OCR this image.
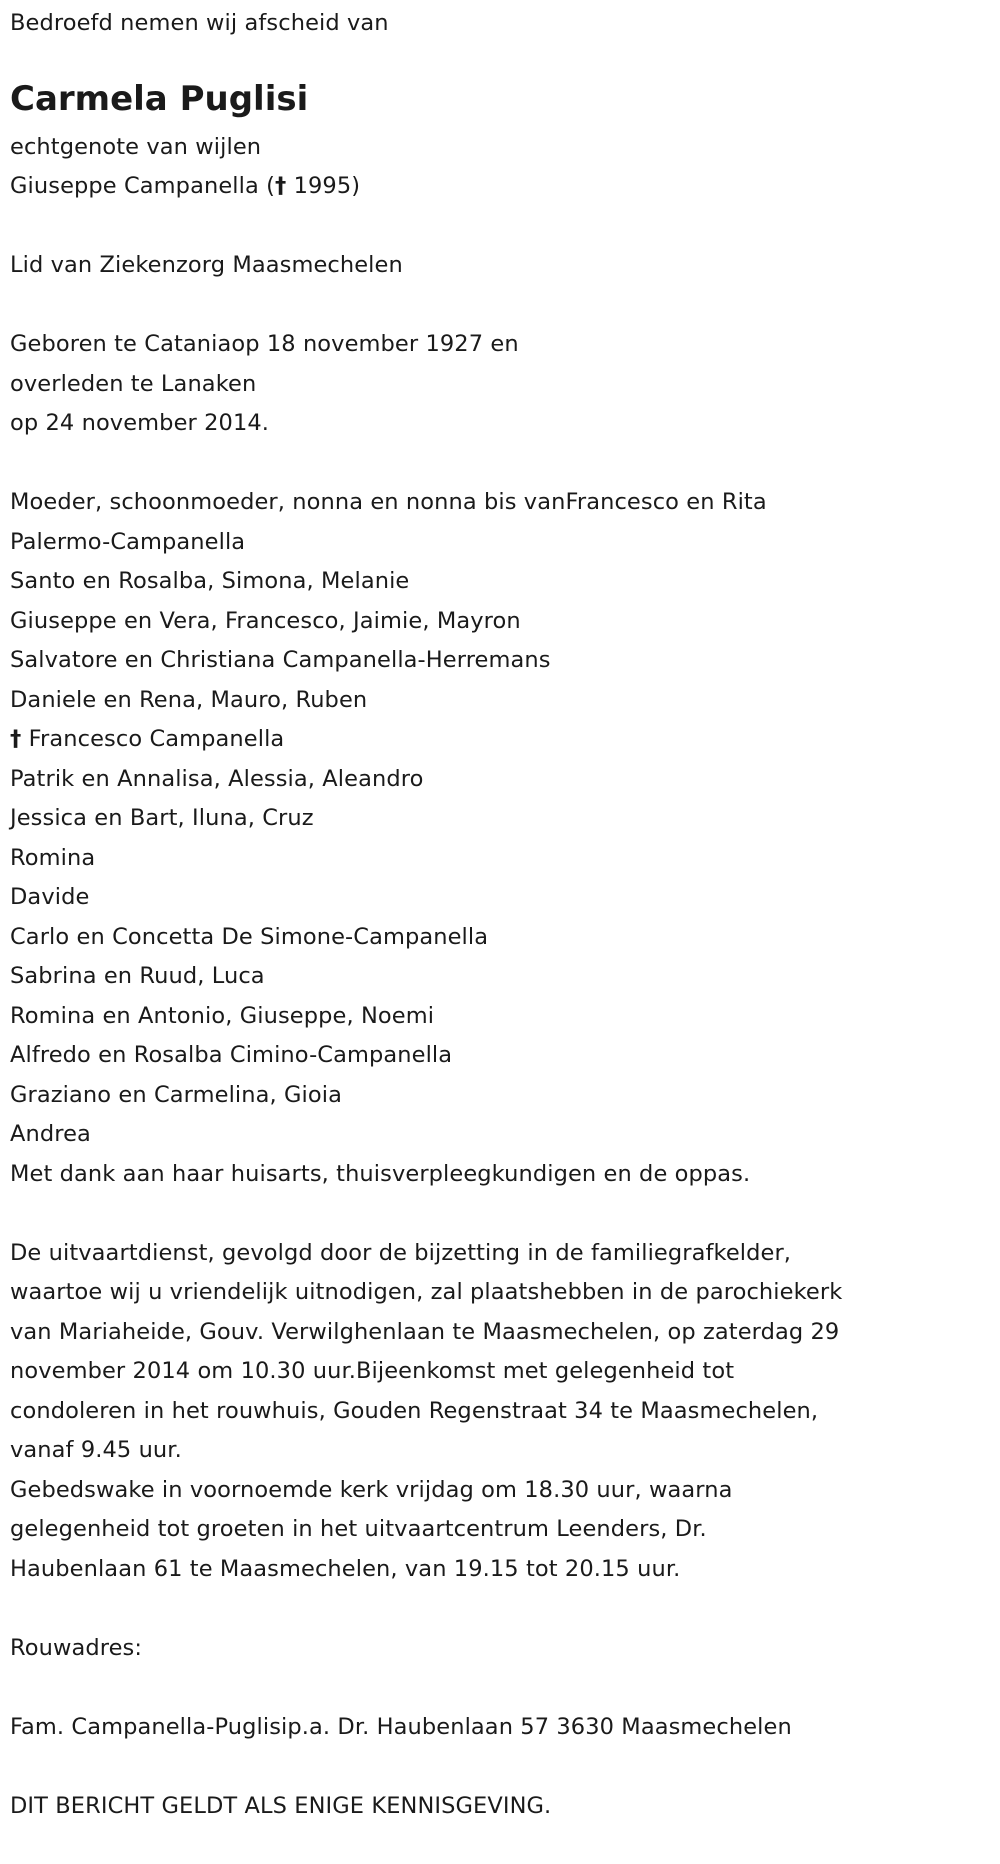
Bedroefd nemen wij afscheid van
Carmela Puglisi
echtgenote van wijlen
Giuseppe Campanella († 1995)
Lid van Ziekenzorg Maasmechelen
Geboren te Cataniaop 18 november 1927 en
overleden te Lanaken
op 24 november 2014.
Moeder, schoonmoeder, nonna en nonna bis vanFrancesco en Rita
Palermo-Campanella
Santo en Rosalba, Simona, Melanie
Giuseppe en Vera, Francesco, Jaimie, Mayron
Salvatore en Christiana Campanella-Herremans
Daniele en Rena, Mauro, Ruben
† Francesco Campanella
Patrik en Annalisa, Alessia, Aleandro
Jessica en Bart, Iluna, Cruz
Romina
Davide
Carlo en Concetta De Simone-Campanella
Sabrina en Ruud, Luca
Romina en Antonio, Giuseppe, Noemi
Alfredo en Rosalba Cimino-Campanella
Graziano en Carmelina, Gioia
Andrea
Met dank aan haar huisarts, thuisverpleegkundigen en de oppas.
De uitvaartdienst, gevolgd door de bijzetting in de familiegrafkelder,
waartoe wij u vriendelijk uitnodigen, zal plaatshebben in de parochiekerk
van Mariaheide, Gouv. Verwilghenlaan te Maasmechelen, op zaterdag 29
november 2014 om 10.30 uur.Bijeenkomst met gelegenheid tot
condoleren in het rouwhuis, Gouden Regenstraat 34 te Maasmechelen,
vanaf 9.45 uur.
Gebedswake in voornoemde kerk vrijdag om 18.30 uur, waarna
gelegenheid tot groeten in het uitvaartcentrum Leenders, Dr.
Haubenlaan 61 te Maasmechelen, van 19.15 tot 20.15 uur.
Rouwadres:
Fam. Campanella-Puglisip.a. Dr. Haubenlaan 57 3630 Maasmechelen
DIT BERICHT GELDT ALS ENIGE KENNISGEVING.
